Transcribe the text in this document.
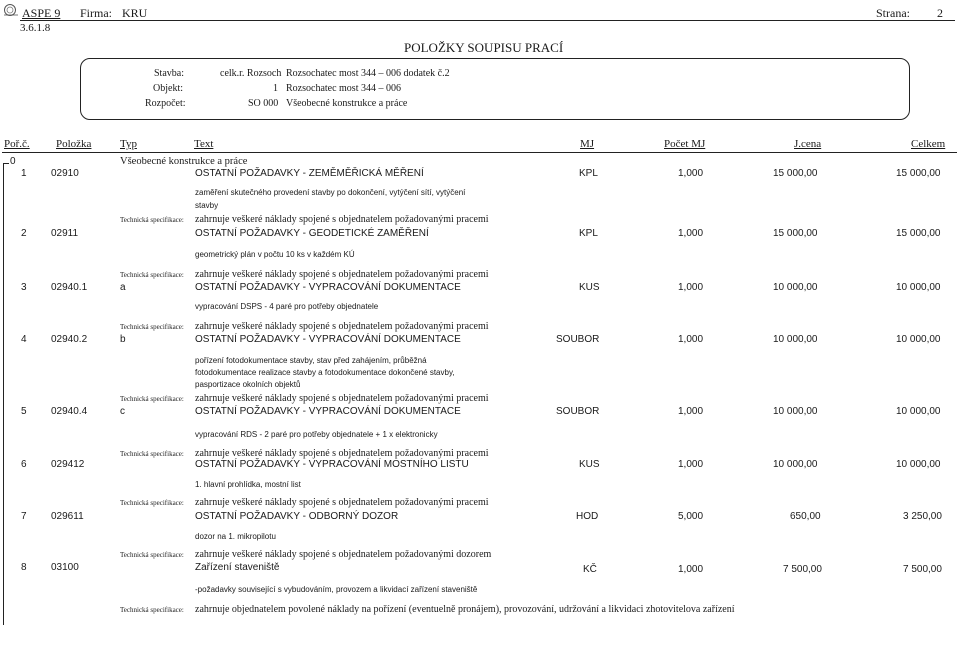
ASPE 9 Firma: KRU	Strana: 2
3.6.1.8
POLOŽKY SOUPISU PRACÍ
Stavba:	celk.r. Rozsoch Rozsochatec most 344 – 006 dodatek č.2
Objekt:	1 Rozsochatec most 344 – 006
Rozpočet:	SO 000 Všeobecné konstrukce a práce
Poř.č. Položka	Typ	Text	MJ	Počet MJ	J.cena	Celkem
0	Všeobecné konstrukce a práce
1 02910	OSTATNÍ POŽADAVKY - ZEMĚMĚŘICKÁ MĚŘENÍ	KPL	1,000	15 000,00	15 000,00
zaměření skutečného provedení stavby po dokončení, vytýčení sítí, vytýčení
stavby
Technická specifikace: zahrnuje veškeré náklady spojené s objednatelem požadovanými pracemi
2 02911	OSTATNÍ POŽADAVKY - GEODETICKÉ ZAMĚŘENÍ	KPL	1,000	15 000,00	15 000,00
geometrický plán v počtu 10 ks v každém KÚ
Technická specifikace: zahrnuje veškeré náklady spojené s objednatelem požadovanými pracemi
3 02940.1	a	OSTATNÍ POŽADAVKY - VYPRACOVÁNÍ DOKUMENTACE	KUS	1,000	10 000,00	10 000,00
vypracování DSPS - 4 paré pro potřeby objednatele
Technická specifikace: zahrnuje veškeré náklady spojené s objednatelem požadovanými pracemi
4 02940.2	b	OSTATNÍ POŽADAVKY - VYPRACOVÁNÍ DOKUMENTACE	SOUBOR	1,000	10 000,00	10 000,00
pořízení fotodokumentace stavby, stav před zahájením, průběžná
fotodokumentace realizace stavby a fotodokumentace dokončené stavby,
pasportizace okolních objektů
Technická specifikace: zahrnuje veškeré náklady spojené s objednatelem požadovanými pracemi
5 02940.4	c	OSTATNÍ POŽADAVKY - VYPRACOVÁNÍ DOKUMENTACE	SOUBOR	1,000	10 000,00	10 000,00
vypracování RDS - 2 paré pro potřeby objednatele + 1 x elektronicky
Technická specifikace: zahrnuje veškeré náklady spojené s objednatelem požadovanými pracemi
6 029412	OSTATNÍ POŽADAVKY - VYPRACOVÁNÍ MOSTNÍHO LISTU	KUS	1,000	10 000,00	10 000,00
1. hlavní prohlídka, mostní list
Technická specifikace: zahrnuje veškeré náklady spojené s objednatelem požadovanými pracemi
7 029611	OSTATNÍ POŽADAVKY - ODBORNÝ DOZOR	HOD	5,000	650,00	3 250,00
dozor na 1. mikropilotu
Technická specifikace: zahrnuje veškeré náklady spojené s objednatelem požadovanými dozorem
8 03100	Zařízení staveniště	KČ	1,000	7 500,00	7 500,00
-požadavky související s vybudováním, provozem a likvidací zařízení staveniště
Technická specifikace: zahrnuje objednatelem povolené náklady na pořízení (eventuelně pronájem), provozování, udržování a likvidaci zhotovitelova zařízení
